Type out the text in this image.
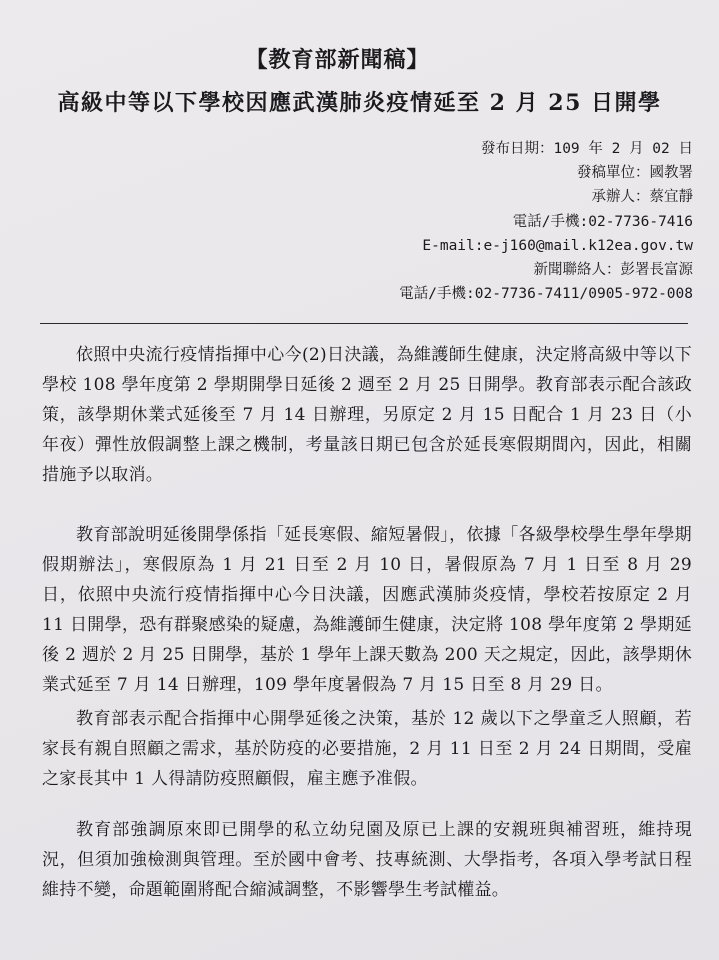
【教育部新聞稿】
高級中等以下學校因應武漢肺炎疫情延至 2 月 25 日開學
發布日期：109 年 2 月 02 日
發稿單位：國教署
承辦人：蔡宜靜
電話/手機:02-7736-7416
E-mail:e-j160@mail.k12ea.gov.tw
新聞聯絡人：彭署長富源
電話/手機:02-7736-7411/0905-972-008
依照中央流行疫情指揮中心今(2)日決議，為維護師生健康，決定將高級中等以下學校 108 學年度第 2 學期開學日延後 2 週至 2 月 25 日開學。教育部表示配合該政策，該學期休業式延後至 7 月 14 日辦理，另原定 2 月 15 日配合 1 月 23 日（小年夜）彈性放假調整上課之機制，考量該日期已包含於延長寒假期間內，因此，相關措施予以取消。
教育部說明延後開學係指「延長寒假、縮短暑假」，依據「各級學校學生學年學期假期辦法」，寒假原為 1 月 21 日至 2 月 10 日，暑假原為 7 月 1 日至 8 月 29 日，依照中央流行疫情指揮中心今日決議，因應武漢肺炎疫情，學校若按原定 2 月 11 日開學，恐有群聚感染的疑慮，為維護師生健康，決定將 108 學年度第 2 學期延後 2 週於 2 月 25 日開學，基於 1 學年上課天數為 200 天之規定，因此，該學期休業式延至 7 月 14 日辦理，109 學年度暑假為 7 月 15 日至 8 月 29 日。
教育部表示配合指揮中心開學延後之決策，基於 12 歲以下之學童乏人照顧，若家長有親自照顧之需求，基於防疫的必要措施，2 月 11 日至 2 月 24 日期間，受雇之家長其中 1 人得請防疫照顧假，雇主應予准假。
教育部強調原來即已開學的私立幼兒園及原已上課的安親班與補習班，維持現況，但須加強檢測與管理。至於國中會考、技專統測、大學指考，各項入學考試日程維持不變，命題範圍將配合縮減調整，不影響學生考試權益。
